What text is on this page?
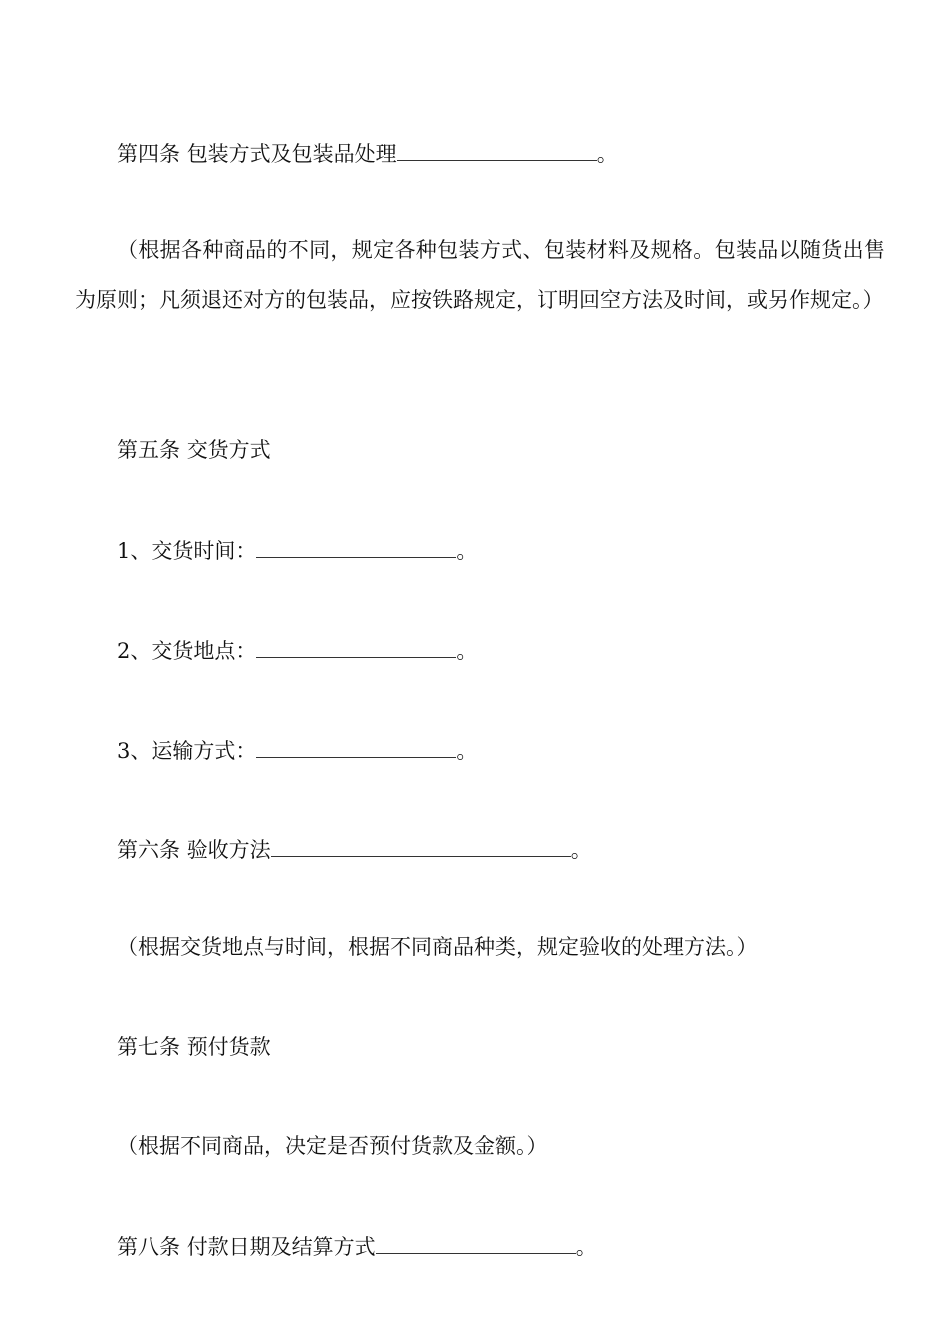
第四条 包装方式及包装品处理	。
（根据各种商品的不同，规定各种包装方式、包装材料及规格。包装品以随货出售为原则；凡须退还对方的包装品，应按铁路规定，订明回空方法及时间，或另作规定。）
第五条 交货方式
1、交货时间：	。
2、交货地点：	。
3、运输方式：	。
第六条 验收方法	。
（根据交货地点与时间，根据不同商品种类，规定验收的处理方法。）
第七条 预付货款
（根据不同商品，决定是否预付货款及金额。）
第八条 付款日期及结算方式	。
